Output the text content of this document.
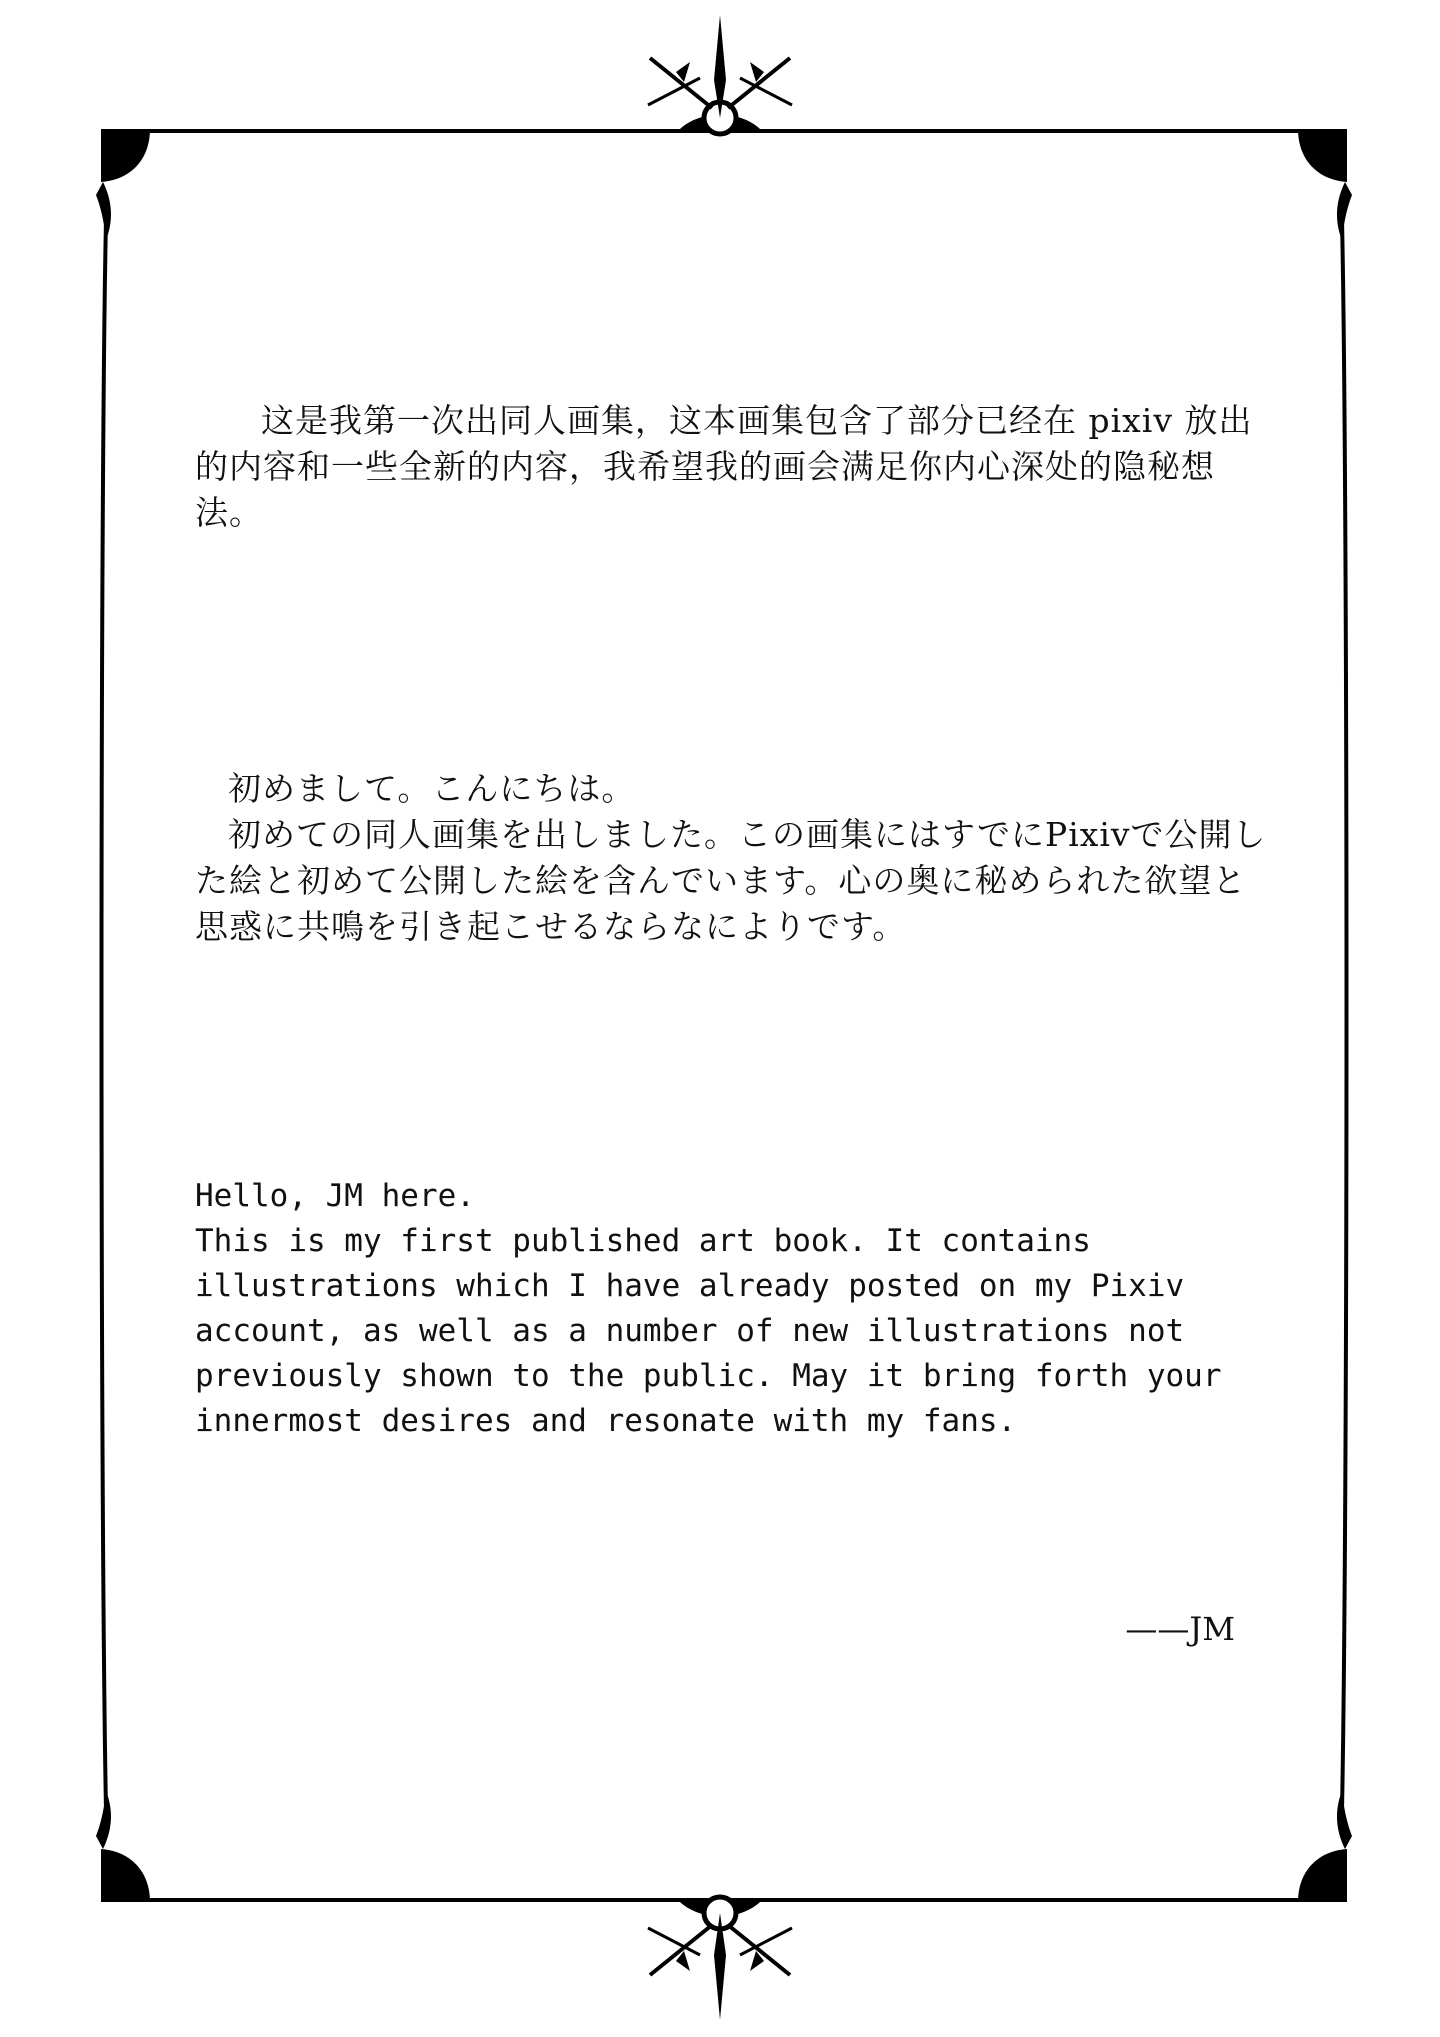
这是我第一次出同人画集，这本画集包含了部分已经在 pixiv 放出的内容和一些全新的内容，我希望我的画会满足你内心深处的隐秘想法。

初めまして。こんにちは。

初めての同人画集を出しました。この画集にはすでにPixivで公開した絵と初めて公開した絵を含んでいます。心の奥に秘められた欲望と思惑に共鳴を引き起こせるならなによりです。

Hello, JM here.

This is my first published art book. It contains illustrations which I have already posted on my Pixiv account, as well as a number of new illustrations not previously shown to the public. May it bring forth your innermost desires and resonate with my fans.

——JM
